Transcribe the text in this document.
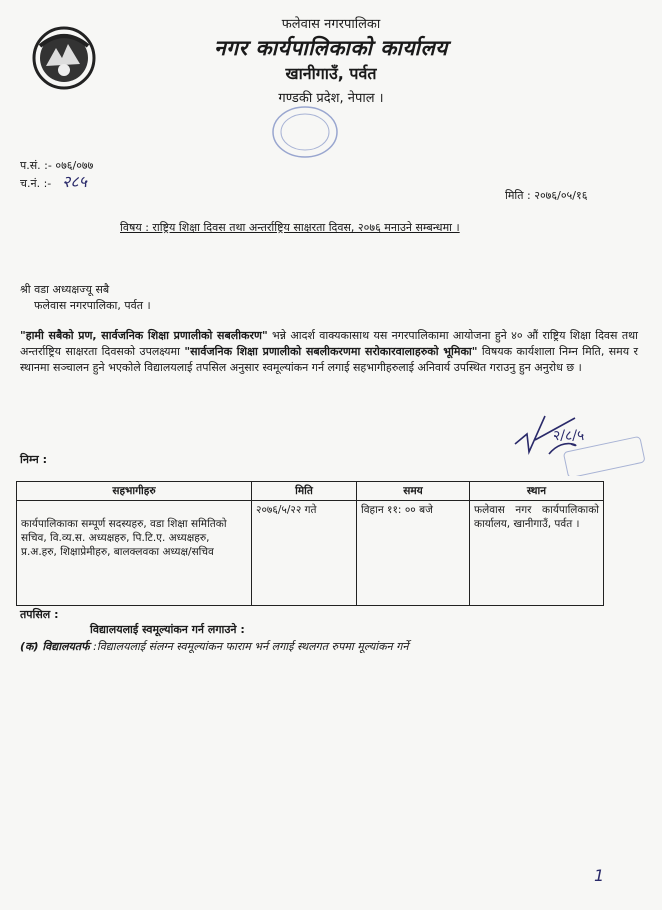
फलेवास नगरपालिका
नगर कार्यपालिकाको कार्यालय
खानीगाउँ, पर्वत
गण्डकी प्रदेश, नेपाल ।
प.सं. :- ०७६/०७७
च.नं. :- २८५
मिति : २०७६/०५/१६
विषय : राष्ट्रिय शिक्षा दिवस तथा अन्तर्राष्ट्रिय साक्षरता दिवस, २०७६ मनाउने सम्बन्धमा ।
श्री वडा अध्यक्षज्यू सबै
फलेवास नगरपालिका, पर्वत ।
"हामी सबैको प्रण, सार्वजनिक शिक्षा प्रणालीको सबलीकरण" भन्ने आदर्श वाक्यकासाथ यस नगरपालिकामा आयोजना हुने ४० औं राष्ट्रिय शिक्षा दिवस तथा अन्तर्राष्ट्रिय साक्षरता दिवसको उपलक्ष्यमा "सार्वजनिक शिक्षा प्रणालीको सबलीकरणमा सरोकारवालाहरुको भूमिका" विषयक कार्यशाला निम्न मिति, समय र स्थानमा सञ्चालन हुने भएकोले विद्यालयलाई तपसिल अनुसार स्वमूल्यांकन गर्न लगाई सहभागीहरुलाई अनिवार्य उपस्थित गराउनु हुन अनुरोध छ ।
२/८/५
निम्न :
सहभागीहरु	मिति	समय	स्थान
कार्यपालिकाका सम्पूर्ण सदस्यहरु, वडा शिक्षा समितिको सचिव, वि.व्य.स. अध्यक्षहरु, पि.टि.ए. अध्यक्षहरु, प्र.अ.हरु, शिक्षाप्रेमीहरु, बालक्लवका अध्यक्ष/सचिव	२०७६/५/२२ गते	विहान ११: ०० बजे	फलेवास नगर कार्यपालिकाको कार्यालय, खानीगाउँ, पर्वत ।
तपसिल :
विद्यालयलाई स्वमूल्यांकन गर्न लगाउने :
(क) विद्यालयतर्फ :विद्यालयलाई संलग्न स्वमूल्यांकन फाराम भर्न लगाई स्थलगत रुपमा मूल्यांकन गर्ने
1
